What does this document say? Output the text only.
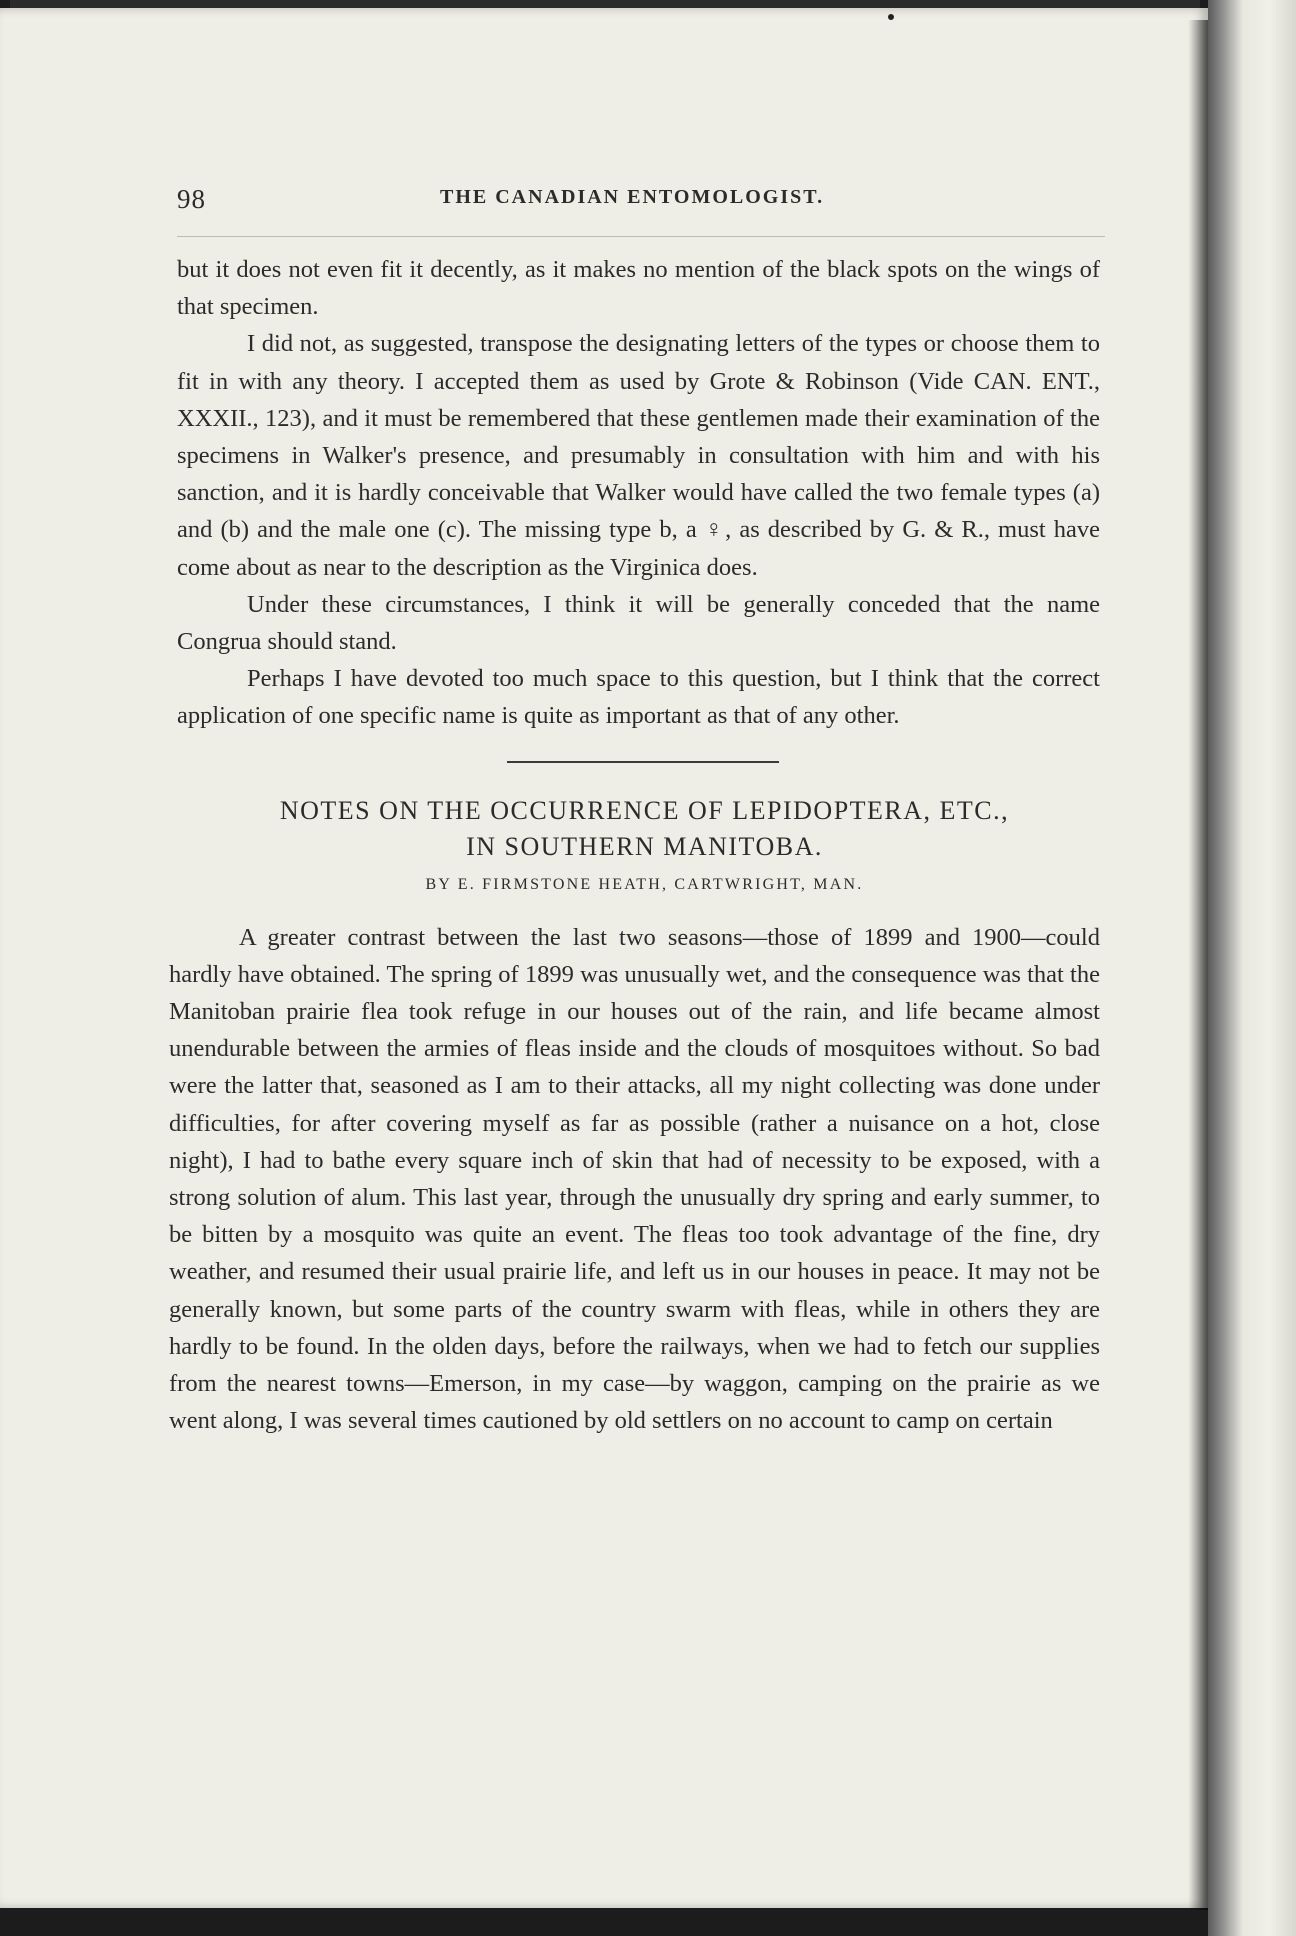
98	THE CANADIAN ENTOMOLOGIST.

but it does not even fit it decently, as it makes no mention of the black spots on the wings of that specimen.

I did not, as suggested, transpose the designating letters of the types or choose them to fit in with any theory. I accepted them as used by Grote & Robinson (Vide CAN. ENT., XXXII., 123), and it must be remembered that these gentlemen made their examination of the specimens in Walker's presence, and presumably in consultation with him and with his sanction, and it is hardly conceivable that Walker would have called the two female types (a) and (b) and the male one (c). The missing type b, a ♀, as described by G. & R., must have come about as near to the description as the Virginica does.

Under these circumstances, I think it will be generally conceded that the name Congrua should stand.

Perhaps I have devoted too much space to this question, but I think that the correct application of one specific name is quite as important as that of any other.

NOTES ON THE OCCURRENCE OF LEPIDOPTERA, ETC.,
IN SOUTHERN MANITOBA.
BY E. FIRMSTONE HEATH, CARTWRIGHT, MAN.

A greater contrast between the last two seasons—those of 1899 and 1900—could hardly have obtained. The spring of 1899 was unusually wet, and the consequence was that the Manitoban prairie flea took refuge in our houses out of the rain, and life became almost unendurable between the armies of fleas inside and the clouds of mosquitoes without. So bad were the latter that, seasoned as I am to their attacks, all my night collecting was done under difficulties, for after covering myself as far as possible (rather a nuisance on a hot, close night), I had to bathe every square inch of skin that had of necessity to be exposed, with a strong solution of alum. This last year, through the unusually dry spring and early summer, to be bitten by a mosquito was quite an event. The fleas too took advantage of the fine, dry weather, and resumed their usual prairie life, and left us in our houses in peace. It may not be generally known, but some parts of the country swarm with fleas, while in others they are hardly to be found. In the olden days, before the railways, when we had to fetch our supplies from the nearest towns—Emerson, in my case—by waggon, camping on the prairie as we went along, I was several times cautioned by old settlers on no account to camp on certain
